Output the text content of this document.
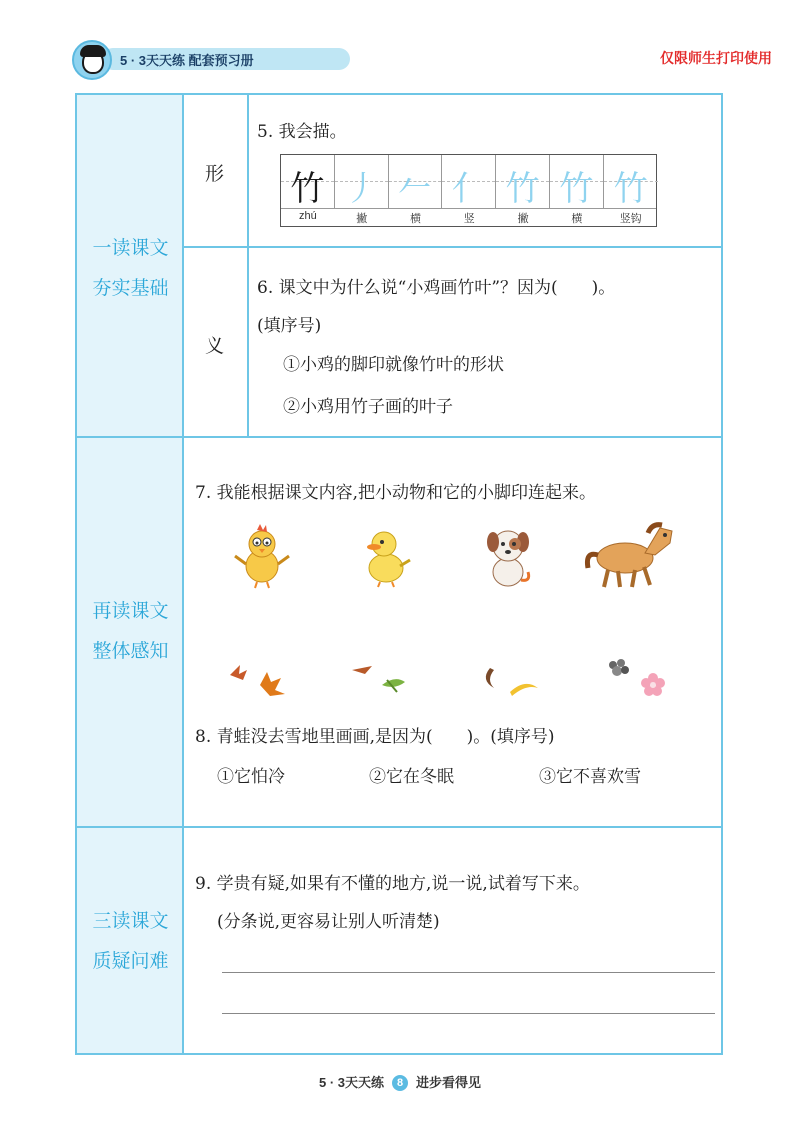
5 · 3天天练 配套预习册	仅限师生打印使用
一读课文
夯实基础
再读课文
整体感知
三读课文
质疑问难
形
义
5. 我会描。
竹 丿 𠂉 亻 竹 竹 竹
zhú	撇	横	竖	撇	横	竖钩
6. 课文中为什么说“小鸡画竹叶”？因为(　　)。
(填序号)
①小鸡的脚印就像竹叶的形状
②小鸡用竹子画的叶子
7. 我能根据课文内容,把小动物和它的小脚印连起来。
8. 青蛙没去雪地里画画,是因为(　　)。(填序号)
①它怕冷	②它在冬眠	③它不喜欢雪
9. 学贵有疑,如果有不懂的地方,说一说,试着写下来。
(分条说,更容易让别人听清楚)
5 · 3天天练 8 进步看得见
